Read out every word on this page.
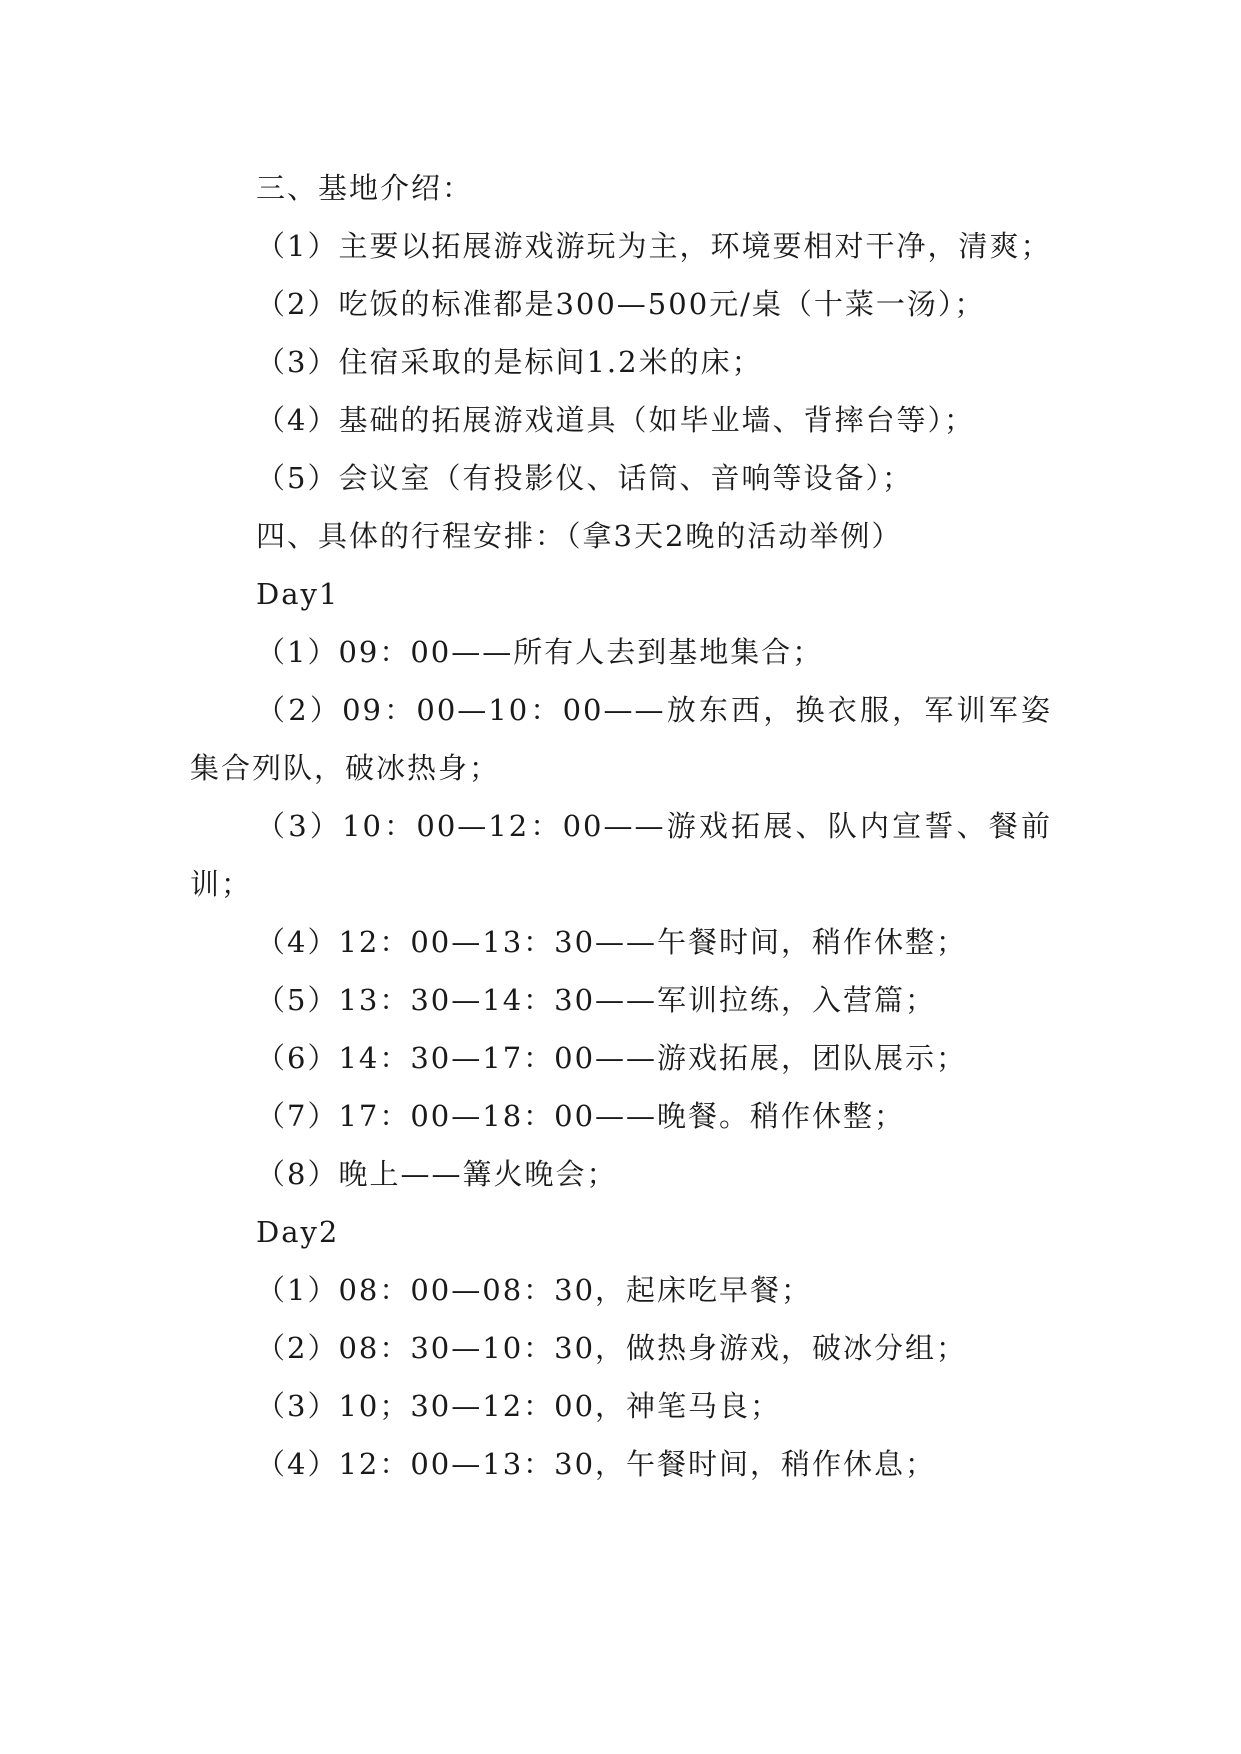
三、基地介绍：

（1）主要以拓展游戏游玩为主，环境要相对干净，清爽；

（2）吃饭的标准都是300—500元/桌（十菜一汤）；

（3）住宿采取的是标间1.2米的床；

（4）基础的拓展游戏道具（如毕业墙、背摔台等）；

（5）会议室（有投影仪、话筒、音响等设备）；

四、具体的行程安排：（拿3天2晚的活动举例）

Day1

（1）09：00——所有人去到基地集合；

（2）09：00—10：00——放东西，换衣服，军训军姿集合列队，破冰热身；

（3）10：00—12：00——游戏拓展、队内宣誓、餐前训；

（4）12：00—13：30——午餐时间，稍作休整；

（5）13：30—14：30——军训拉练，入营篇；

（6）14：30—17：00——游戏拓展，团队展示；

（7）17：00—18：00——晚餐。稍作休整；

（8）晚上——篝火晚会；

Day2

（1）08：00—08：30，起床吃早餐；

（2）08：30—10：30，做热身游戏，破冰分组；

（3）10；30—12：00，神笔马良；

（4）12：00—13：30，午餐时间，稍作休息；
